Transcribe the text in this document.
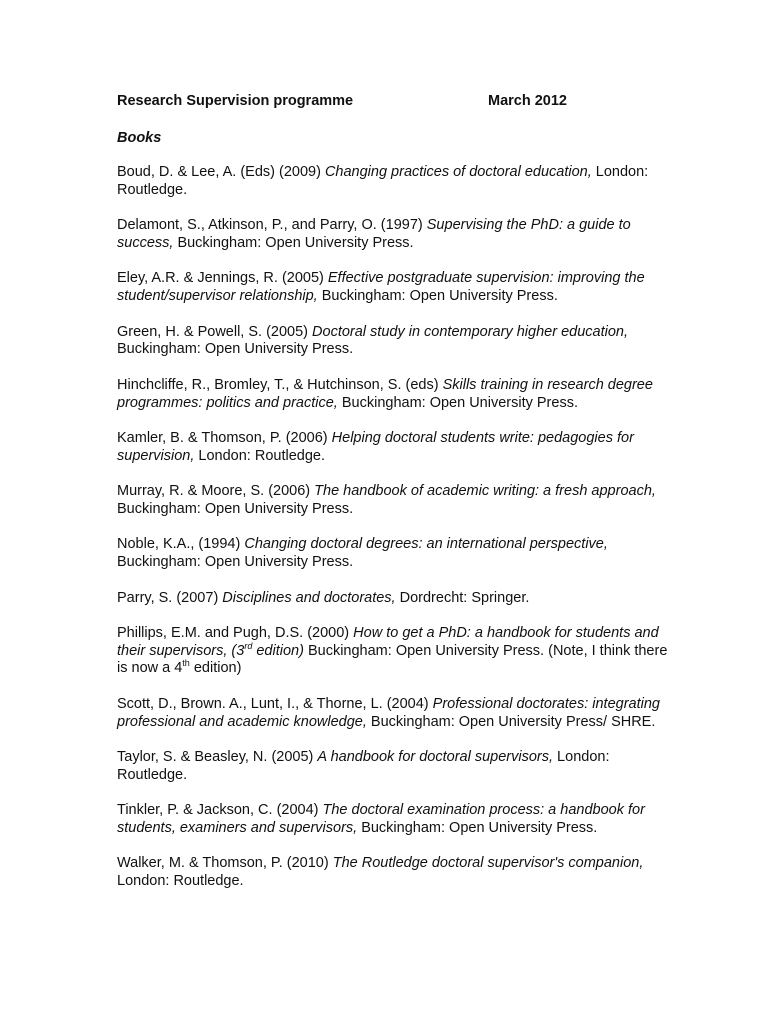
Research Supervision programme	March 2012
Books

Boud, D. & Lee, A. (Eds) (2009) Changing practices of doctoral education, London: Routledge.

Delamont, S., Atkinson, P., and Parry, O. (1997) Supervising the PhD: a guide to success, Buckingham: Open University Press.

Eley, A.R. & Jennings, R. (2005) Effective postgraduate supervision: improving the student/supervisor relationship, Buckingham: Open University Press.

Green, H. & Powell, S. (2005) Doctoral study in contemporary higher education, Buckingham: Open University Press.

Hinchcliffe, R., Bromley, T., & Hutchinson, S. (eds) Skills training in research degree programmes: politics and practice, Buckingham: Open University Press.

Kamler, B. & Thomson, P. (2006) Helping doctoral students write: pedagogies for supervision, London: Routledge.

Murray, R. & Moore, S. (2006) The handbook of academic writing: a fresh approach, Buckingham: Open University Press.

Noble, K.A., (1994) Changing doctoral degrees: an international perspective, Buckingham: Open University Press.

Parry, S. (2007) Disciplines and doctorates, Dordrecht: Springer.

Phillips, E.M. and Pugh, D.S. (2000) How to get a PhD: a handbook for students and their supervisors, (3rd edition) Buckingham: Open University Press. (Note, I think there is now a 4th edition)

Scott, D., Brown. A., Lunt, I., & Thorne, L. (2004) Professional doctorates: integrating professional and academic knowledge, Buckingham: Open University Press/ SHRE.

Taylor, S. & Beasley, N. (2005) A handbook for doctoral supervisors, London: Routledge.

Tinkler, P. & Jackson, C. (2004) The doctoral examination process: a handbook for students, examiners and supervisors, Buckingham: Open University Press.

Walker, M. & Thomson, P. (2010) The Routledge doctoral supervisor's companion, London: Routledge.
